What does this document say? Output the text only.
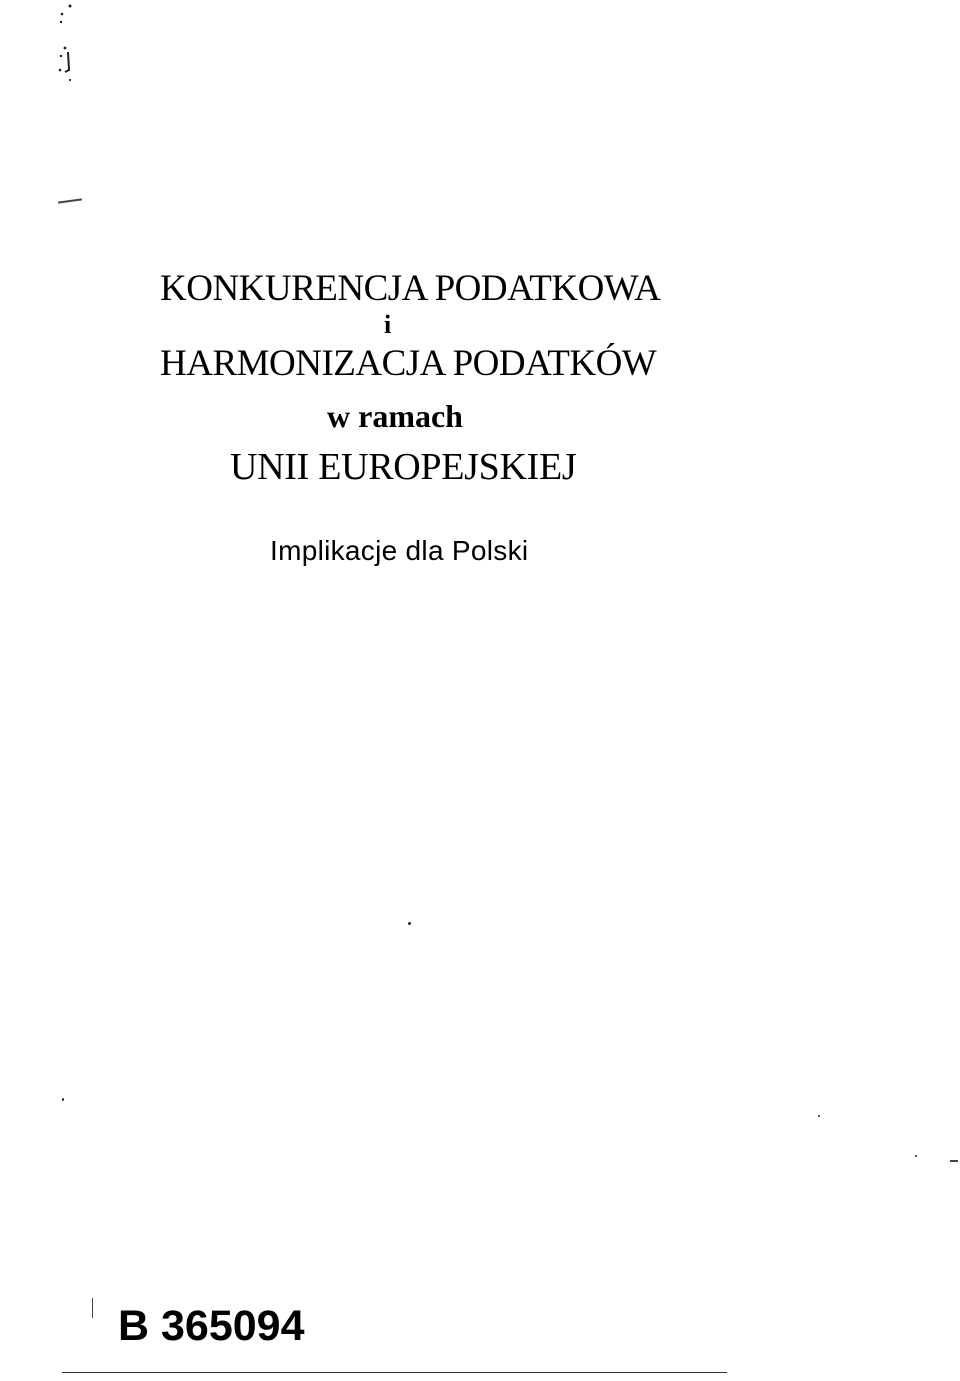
KONKURENCJA PODATKOWA
i
HARMONIZACJA PODATKÓW
w ramach
UNII EUROPEJSKIEJ
Implikacje dla Polski
B 365094
